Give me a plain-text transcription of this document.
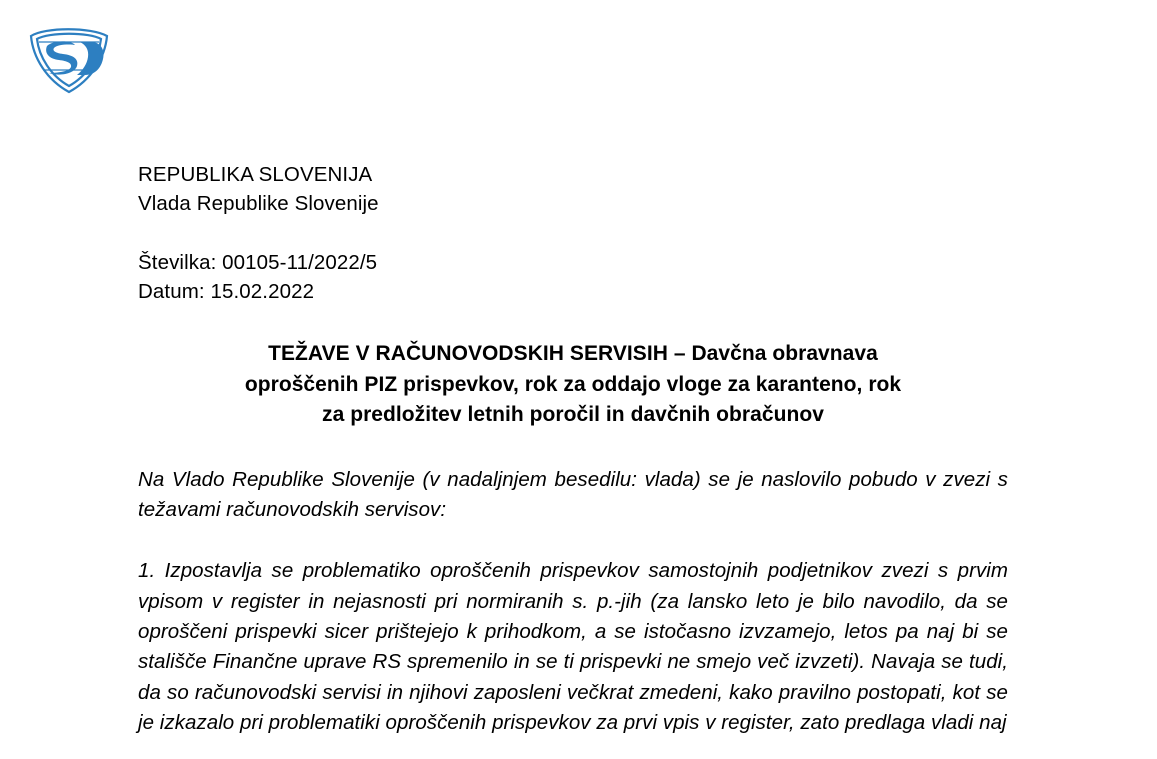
REPUBLIKA SLOVENIJA
Vlada Republike Slovenije
Številka: 00105-11/2022/5
Datum: 15.02.2022
TEŽAVE V RAČUNOVODSKIH SERVISIH – Davčna obravnava
oproščenih PIZ prispevkov, rok za oddajo vloge za karanteno, rok
za predložitev letnih poročil in davčnih obračunov

Na Vlado Republike Slovenije (v nadaljnjem besedilu: vlada) se je naslovilo pobudo v zvezi s težavami računovodskih servisov:

1. Izpostavlja se problematiko oproščenih prispevkov samostojnih podjetnikov zvezi s prvim vpisom v register in nejasnosti pri normiranih s. p.-jih (za lansko leto je bilo navodilo, da se oproščeni prispevki sicer prištejejo k prihodkom, a se istočasno izvzamejo, letos pa naj bi se stališče Finančne uprave RS spremenilo in se ti prispevki ne smejo več izvzeti). Navaja se tudi, da so računovodski servisi in njihovi zaposleni večkrat zmedeni, kako pravilno postopati, kot se je izkazalo pri problematiki oproščenih prispevkov za prvi vpis v register, zato predlaga vladi naj
